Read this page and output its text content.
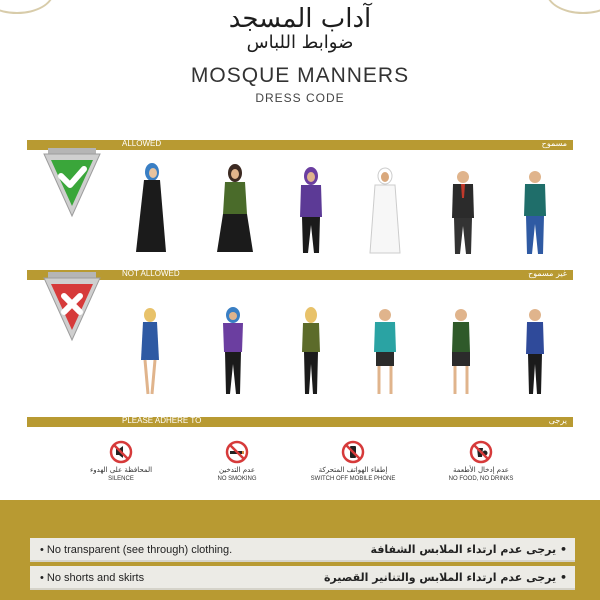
آداب المسجد
ضوابط اللباس
MOSQUE MANNERS
DRESS CODE
ALLOWED	مسموح
NOT ALLOWED	غير مسموح
PLEASE ADHERE TO	يرجى
المحافظة على الهدوء
SILENCE
عدم التدخين
NO SMOKING
إطفاء الهواتف المتحركة
SWITCH OFF MOBILE PHONE
عدم إدخال الأطعمة
NO FOOD, NO DRINKS
• No transparent (see through) clothing.	• يرجى عدم ارتداء الملابس الشفافة
• No shorts and skirts	• يرجى عدم ارتداء الملابس والتنانير القصيرة
